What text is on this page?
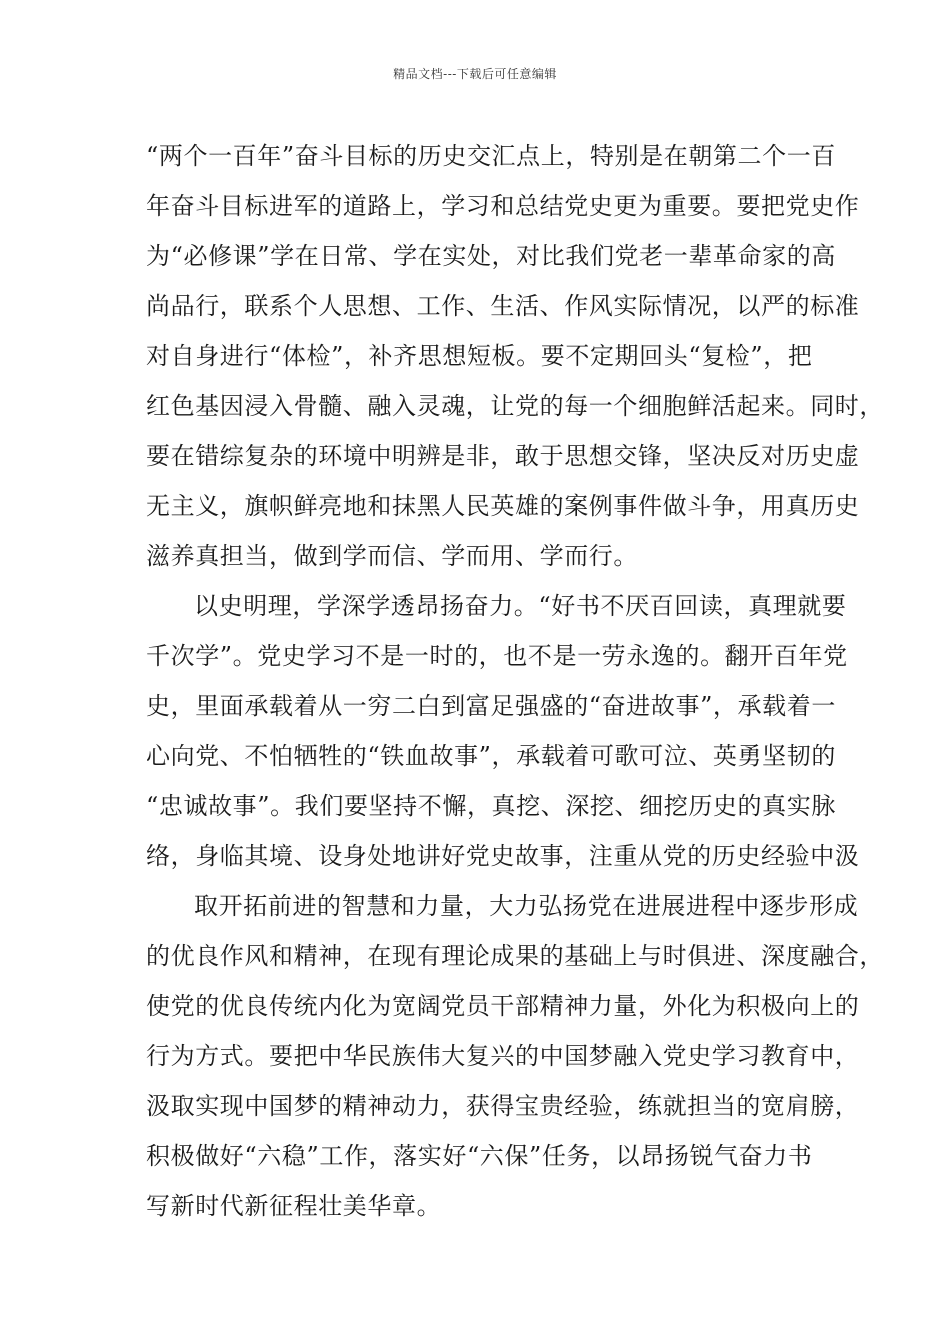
精品文档---下载后可任意编辑
“两个一百年”奋斗目标的历史交汇点上，特别是在朝第二个一百
年奋斗目标进军的道路上，学习和总结党史更为重要。要把党史作
为“必修课”学在日常、学在实处，对比我们党老一辈革命家的高
尚品行，联系个人思想、工作、生活、作风实际情况，以严的标准
对自身进行“体检”，补齐思想短板。要不定期回头“复检”，把
红色基因浸入骨髓、融入灵魂，让党的每一个细胞鲜活起来。同时，
要在错综复杂的环境中明辨是非，敢于思想交锋，坚决反对历史虚
无主义，旗帜鲜亮地和抹黑人民英雄的案例事件做斗争，用真历史
滋养真担当，做到学而信、学而用、学而行。
以史明理，学深学透昂扬奋力。“好书不厌百回读，真理就要
千次学”。党史学习不是一时的，也不是一劳永逸的。翻开百年党
史，里面承载着从一穷二白到富足强盛的“奋进故事”，承载着一
心向党、不怕牺牲的“铁血故事”，承载着可歌可泣、英勇坚韧的
“忠诚故事”。我们要坚持不懈，真挖、深挖、细挖历史的真实脉
络，身临其境、设身处地讲好党史故事，注重从党的历史经验中汲
取开拓前进的智慧和力量，大力弘扬党在进展进程中逐步形成
的优良作风和精神，在现有理论成果的基础上与时俱进、深度融合，
使党的优良传统内化为宽阔党员干部精神力量，外化为积极向上的
行为方式。要把中华民族伟大复兴的中国梦融入党史学习教育中，
汲取实现中国梦的精神动力，获得宝贵经验，练就担当的宽肩膀，
积极做好“六稳”工作，落实好“六保”任务，以昂扬锐气奋力书
写新时代新征程壮美华章。
